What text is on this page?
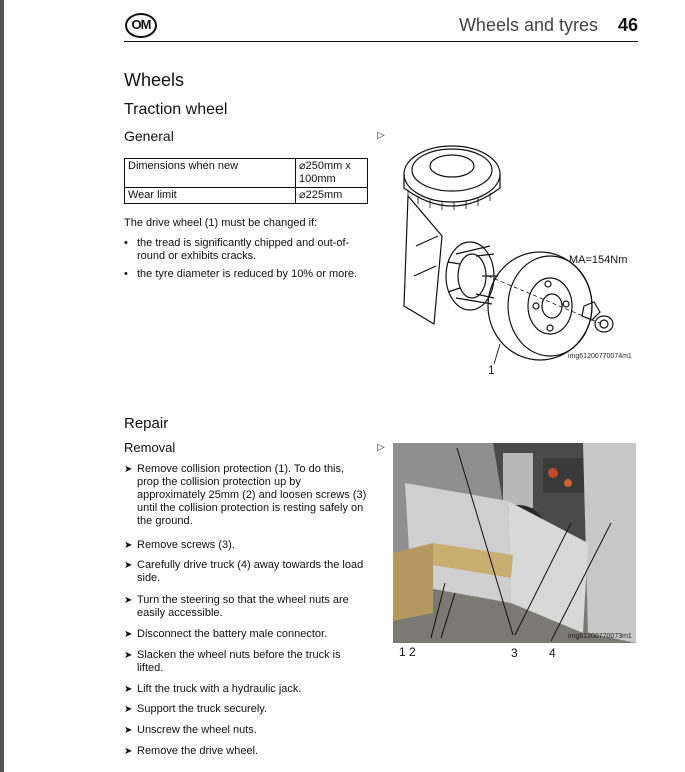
OM	Wheels and tyres	46
Wheels
Traction wheel
General	▷
Dimensions when new	⌀250mm x 100mm
Wear limit	⌀225mm
The drive wheel (1) must be changed if:
• the tread is significantly chipped and out-of-round or exhibits cracks.
• the tyre diameter is reduced by 10% or more.
MA=154Nm
1
img61200770074m1
Repair
Removal	▷
1 2	3	4
img61200770073m1
➤ Remove collision protection (1). To do this, prop the collision protection up by approximately 25mm (2) and loosen screws (3) until the collision protection is resting safely on the ground.
➤ Remove screws (3).
➤ Carefully drive truck (4) away towards the load side.
➤ Turn the steering so that the wheel nuts are easily accessible.
➤ Disconnect the battery male connector.
➤ Slacken the wheel nuts before the truck is lifted.
➤ Lift the truck with a hydraulic jack.
➤ Support the truck securely.
➤ Unscrew the wheel nuts.
➤ Remove the drive wheel.
